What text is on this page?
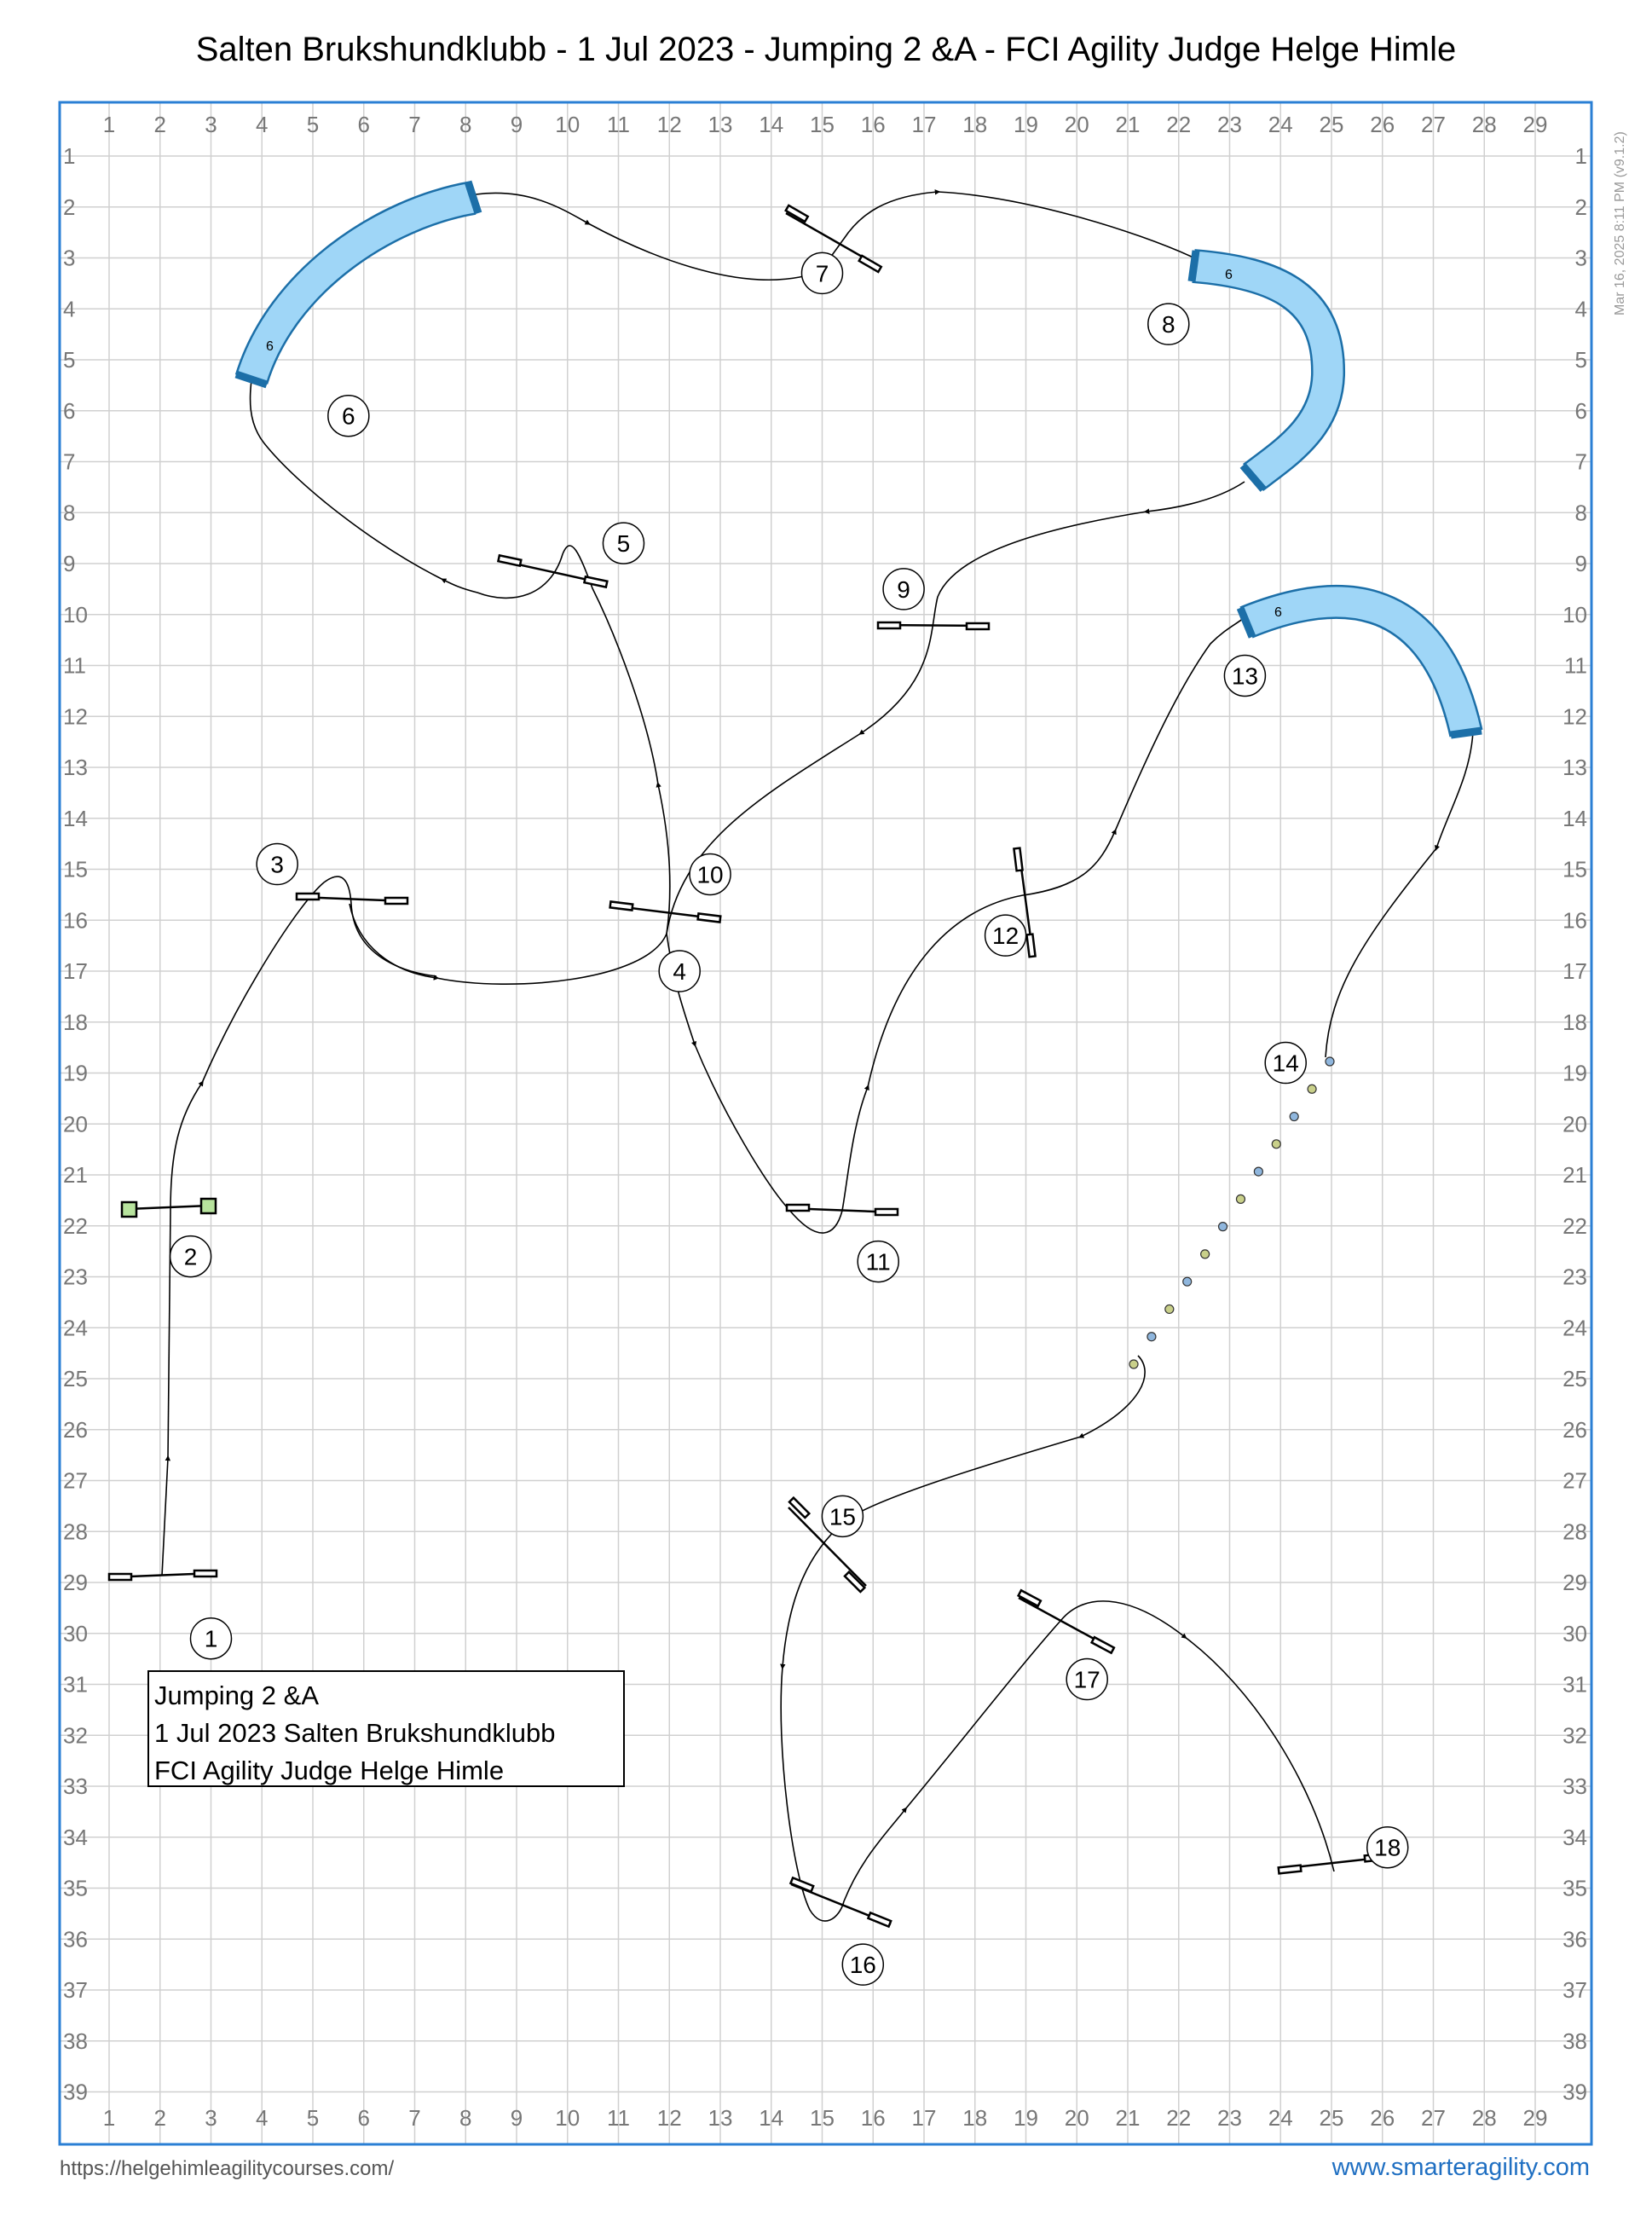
Salten Brukshundklubb - 1 Jul 2023 - Jumping 2 &A - FCI Agility Judge Helge Himle
1
1
2
2
3
3
4
4
5
5
6
6
7
7
8
8
9
9
10
10
11
11
12
12
13
13
14
14
15
15
16
16
17
17
18
18
19
19
20
20
21
21
22
22
23
23
24
24
25
25
26
26
27
27
28
28
29
29
1	1
2	2
3	3
4	4
5	5
6	6
7	7
8	8
9	9
10	10
11	11
12	12
13	13
14	14
15	15
16	16
17	17
18	18
19	19
20	20
21	21
22	22
23	23
24	24
25	25
26	26
27	27
28	28
29	29
30	30
31	31
32	32
33	33
34	34
35	35
36	36
37	37
38	38
39	39
6
6
6
1
2
3
4
5
6
7
8
9
10
11
12
13
14
15
16
17
18
Mar 16, 2025 8:11 PM (v9.1.2)
Jumping 2 &A
1 Jul 2023 Salten Brukshundklubb
FCI Agility Judge Helge Himle
https://helgehimleagilitycourses.com/	www.smarteragility.com
